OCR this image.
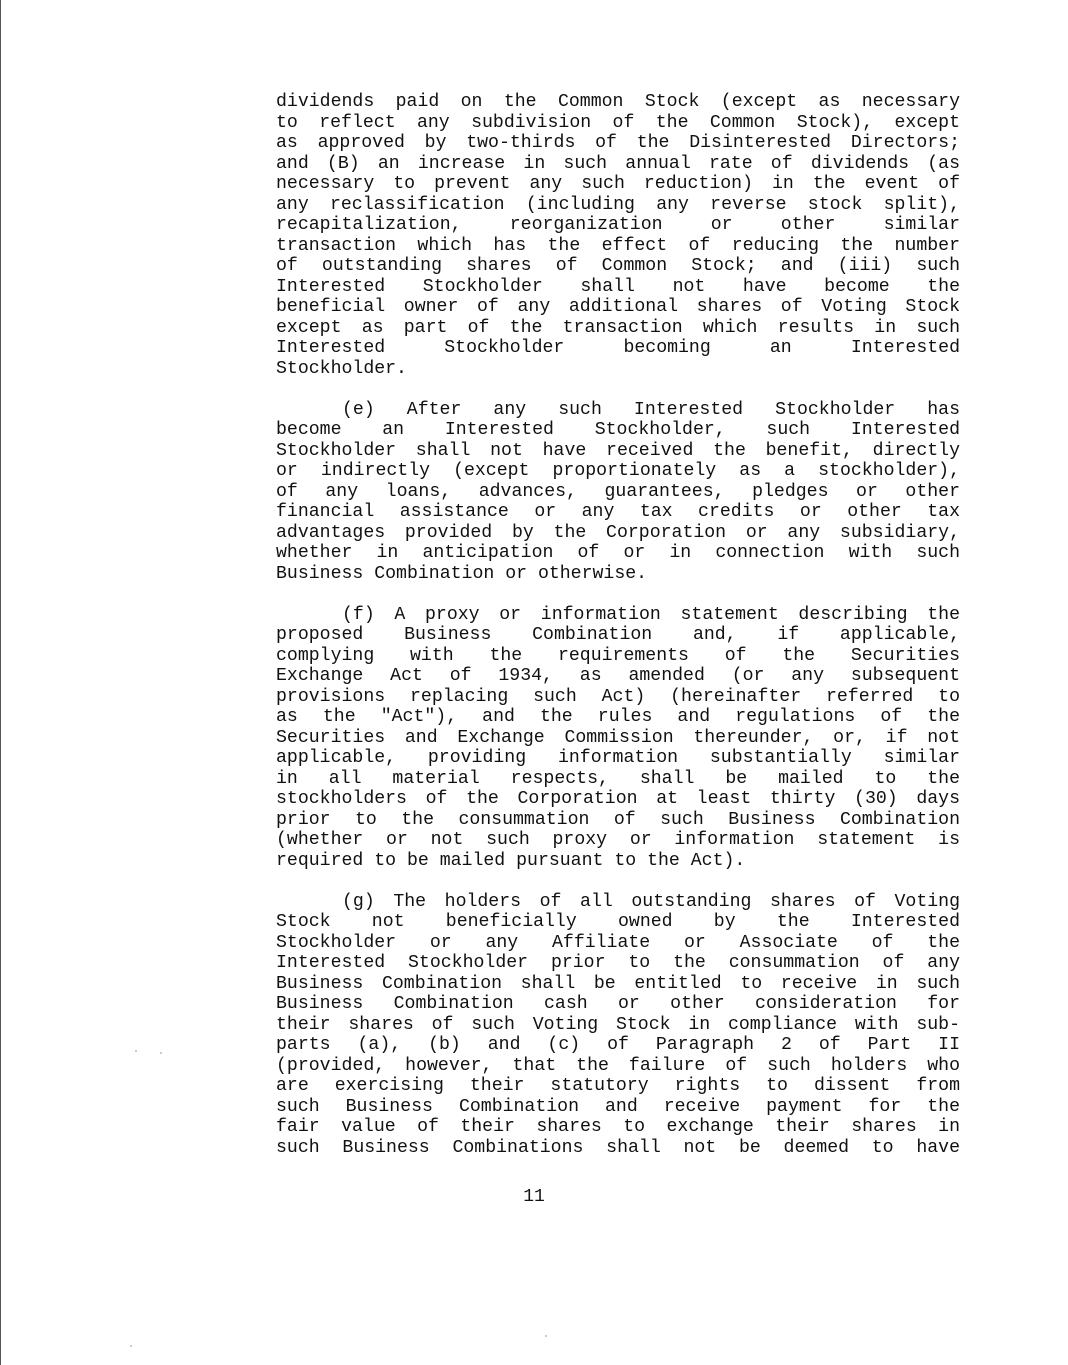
dividends paid on the Common Stock (except as necessary
to reflect any subdivision of the Common Stock), except
as approved by two-thirds of the Disinterested Directors;
and (B) an increase in such annual rate of dividends (as
necessary to prevent any such reduction) in the event of
any reclassification (including any reverse stock split),
recapitalization, reorganization or other similar
transaction which has the effect of reducing the number
of outstanding shares of Common Stock; and (iii) such
Interested Stockholder shall not have become the
beneficial owner of any additional shares of Voting Stock
except as part of the transaction which results in such
Interested Stockholder becoming an Interested
Stockholder.
(e) After any such Interested Stockholder has
become an Interested Stockholder, such Interested
Stockholder shall not have received the benefit, directly
or indirectly (except proportionately as a stockholder),
of any loans, advances, guarantees, pledges or other
financial assistance or any tax credits or other tax
advantages provided by the Corporation or any subsidiary,
whether in anticipation of or in connection with such
Business Combination or otherwise.
(f) A proxy or information statement describing the
proposed Business Combination and, if applicable,
complying with the requirements of the Securities
Exchange Act of 1934, as amended (or any subsequent
provisions replacing such Act) (hereinafter referred to
as the "Act"), and the rules and regulations of the
Securities and Exchange Commission thereunder, or, if not
applicable, providing information substantially similar
in all material respects, shall be mailed to the
stockholders of the Corporation at least thirty (30) days
prior to the consummation of such Business Combination
(whether or not such proxy or information statement is
required to be mailed pursuant to the Act).
(g) The holders of all outstanding shares of Voting
Stock not beneficially owned by the Interested
Stockholder or any Affiliate or Associate of the
Interested Stockholder prior to the consummation of any
Business Combination shall be entitled to receive in such
Business Combination cash or other consideration for
their shares of such Voting Stock in compliance with sub-
parts (a), (b) and (c) of Paragraph 2 of Part II
(provided, however, that the failure of such holders who
are exercising their statutory rights to dissent from
such Business Combination and receive payment for the
fair value of their shares to exchange their shares in
such Business Combinations shall not be deemed to have
11
